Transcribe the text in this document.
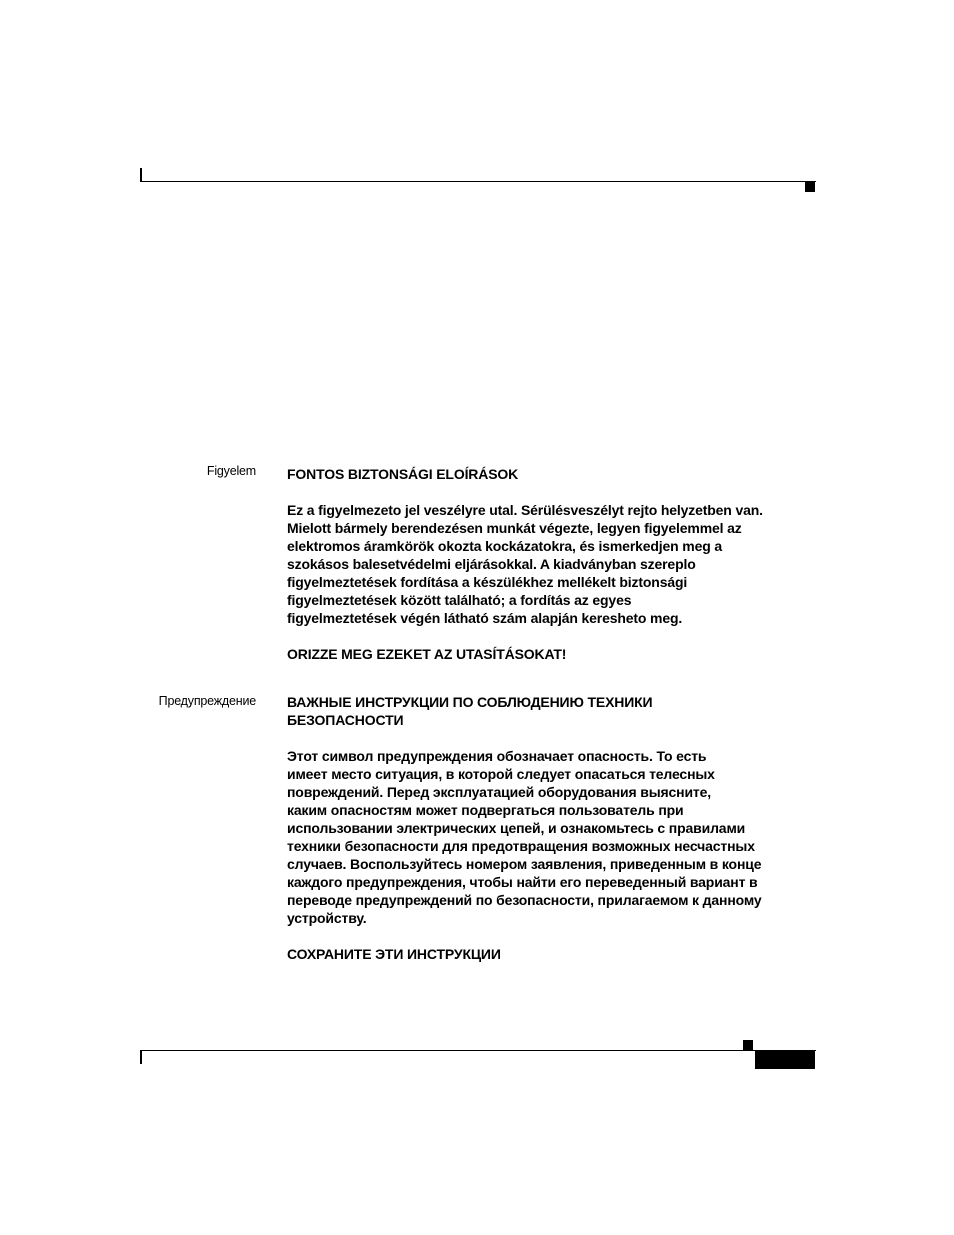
Figyelem FONTOS BIZTONSÁGI ELOÍRÁSOK

Ez a figyelmezeto jel veszélyre utal. Sérülésveszélyt rejto helyzetben van.
Mielott bármely berendezésen munkát végezte, legyen figyelemmel az
elektromos áramkörök okozta kockázatokra, és ismerkedjen meg a
szokásos balesetvédelmi eljárásokkal. A kiadványban szereplo
figyelmeztetések fordítása a készülékhez mellékelt biztonsági
figyelmeztetések között található; a fordítás az egyes
figyelmeztetések végén látható szám alapján kereshetо meg.

ORIZZE MEG EZEKET AZ UTASÍTÁSOKAT!

Предупреждение ВАЖНЫЕ ИНСТРУКЦИИ ПО СОБЛЮДЕНИЮ ТЕХНИКИ
БЕЗОПАСНОСТИ

Этот символ предупреждения обозначает опасность. То есть
имеет место ситуация, в которой следует опасаться телесных
повреждений. Перед эксплуатацией оборудования выясните,
каким опасностям может подвергаться пользователь при
использовании электрических цепей, и ознакомьтесь с правилами
техники безопасности для предотвращения возможных несчастных
случаев. Воспользуйтесь номером заявления, приведенным в конце
каждого предупреждения, чтобы найти его переведенный вариант в
переводе предупреждений по безопасности, прилагаемом к данному
устройству.

СОХРАНИТЕ ЭТИ ИНСТРУКЦИИ
